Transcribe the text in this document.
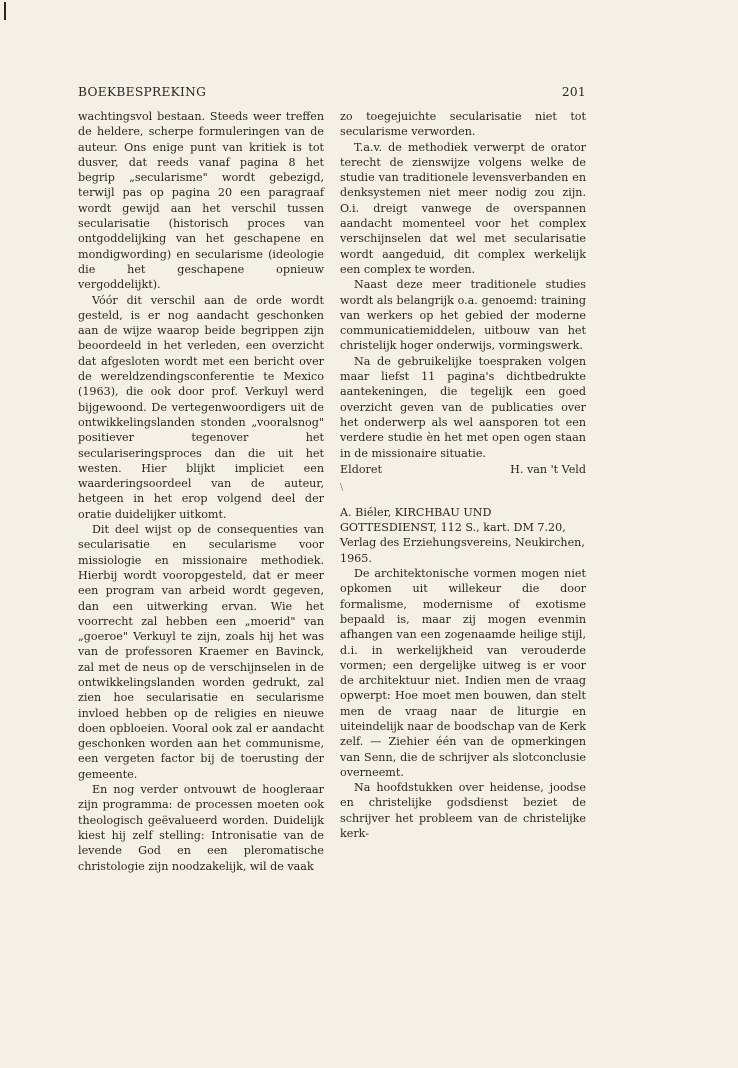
BOEKBESPREKING	201

wachtingsvol bestaan. Steeds weer treffen de heldere, scherpe formuleringen van de auteur. Ons enige punt van kritiek is tot dusver, dat reeds vanaf pagina 8 het begrip „secularisme" wordt gebezigd, terwijl pas op pagina 20 een paragraaf wordt gewijd aan het verschil tussen secularisatie (historisch proces van ontgoddelijking van het geschapene en mondigwording) en secularisme (ideologie die het geschapene opnieuw vergoddelijkt).

Vóór dit verschil aan de orde wordt gesteld, is er nog aandacht geschonken aan de wijze waarop beide begrippen zijn beoordeeld in het verleden, een overzicht dat afgesloten wordt met een bericht over de wereldzendingsconferentie te Mexico (1963), die ook door prof. Verkuyl werd bijgewoond. De vertegenwoordigers uit de ontwikkelingslanden stonden „vooralsnog" positiever tegenover het seculariseringsproces dan die uit het westen. Hier blijkt impliciet een waarderingsoordeel van de auteur, hetgeen in het erop volgend deel der oratie duidelijker uitkomt.

Dit deel wijst op de consequenties van secularisatie en secularisme voor missiologie en missionaire methodiek. Hierbij wordt vooropgesteld, dat er meer een program van arbeid wordt gegeven, dan een uitwerking ervan. Wie het voorrecht zal hebben een „moerid" van „goeroe" Verkuyl te zijn, zoals hij het was van de professoren Kraemer en Bavinck, zal met de neus op de verschijnselen in de ontwikkelingslanden worden gedrukt, zal zien hoe secularisatie en secularisme invloed hebben op de religies en nieuwe doen opbloeien. Vooral ook zal er aandacht geschonken worden aan het communisme, een vergeten factor bij de toerusting der gemeente.

En nog verder ontvouwt de hoogleraar zijn programma: de processen moeten ook theologisch geëvalueerd worden. Duidelijk kiest hij zelf stelling: Intronisatie van de levende God en een pleromatische christologie zijn noodzakelijk, wil de vaak

zo toegejuichte secularisatie niet tot secularisme verworden.

T.a.v. de methodiek verwerpt de orator terecht de zienswijze volgens welke de studie van traditionele levensverbanden en denksystemen niet meer nodig zou zijn. O.i. dreigt vanwege de overspannen aandacht momenteel voor het complex verschijnselen dat wel met secularisatie wordt aangeduid, dit complex werkelijk een complex te worden.

Naast deze meer traditionele studies wordt als belangrijk o.a. genoemd: training van werkers op het gebied der moderne communicatiemiddelen, uitbouw van het christelijk hoger onderwijs, vormingswerk.

Na de gebruikelijke toespraken volgen maar liefst 11 pagina's dichtbedrukte aantekeningen, die tegelijk een goed overzicht geven van de publicaties over het onderwerp als wel aansporen tot een verdere studie èn het met open ogen staan in de missionaire situatie.

Eldoret	H. van 't Veld
\

A. Biéler, KIRCHBAU UND GOTTESDIENST, 112 S., kart. DM 7.20, Verlag des Erziehungsvereins, Neukirchen, 1965.

De architektonische vormen mogen niet opkomen uit willekeur die door formalisme, modernisme of exotisme bepaald is, maar zij mogen evenmin afhangen van een zogenaamde heilige stijl, d.i. in werkelijkheid van verouderde vormen; een dergelijke uitweg is er voor de architektuur niet. Indien men de vraag opwerpt: Hoe moet men bouwen, dan stelt men de vraag naar de liturgie en uiteindelijk naar de boodschap van de Kerk zelf. — Ziehier één van de opmerkingen van Senn, die de schrijver als slotconclusie overneemt.

Na hoofdstukken over heidense, joodse en christelijke godsdienst beziet de schrijver het probleem van de christelijke kerk-
